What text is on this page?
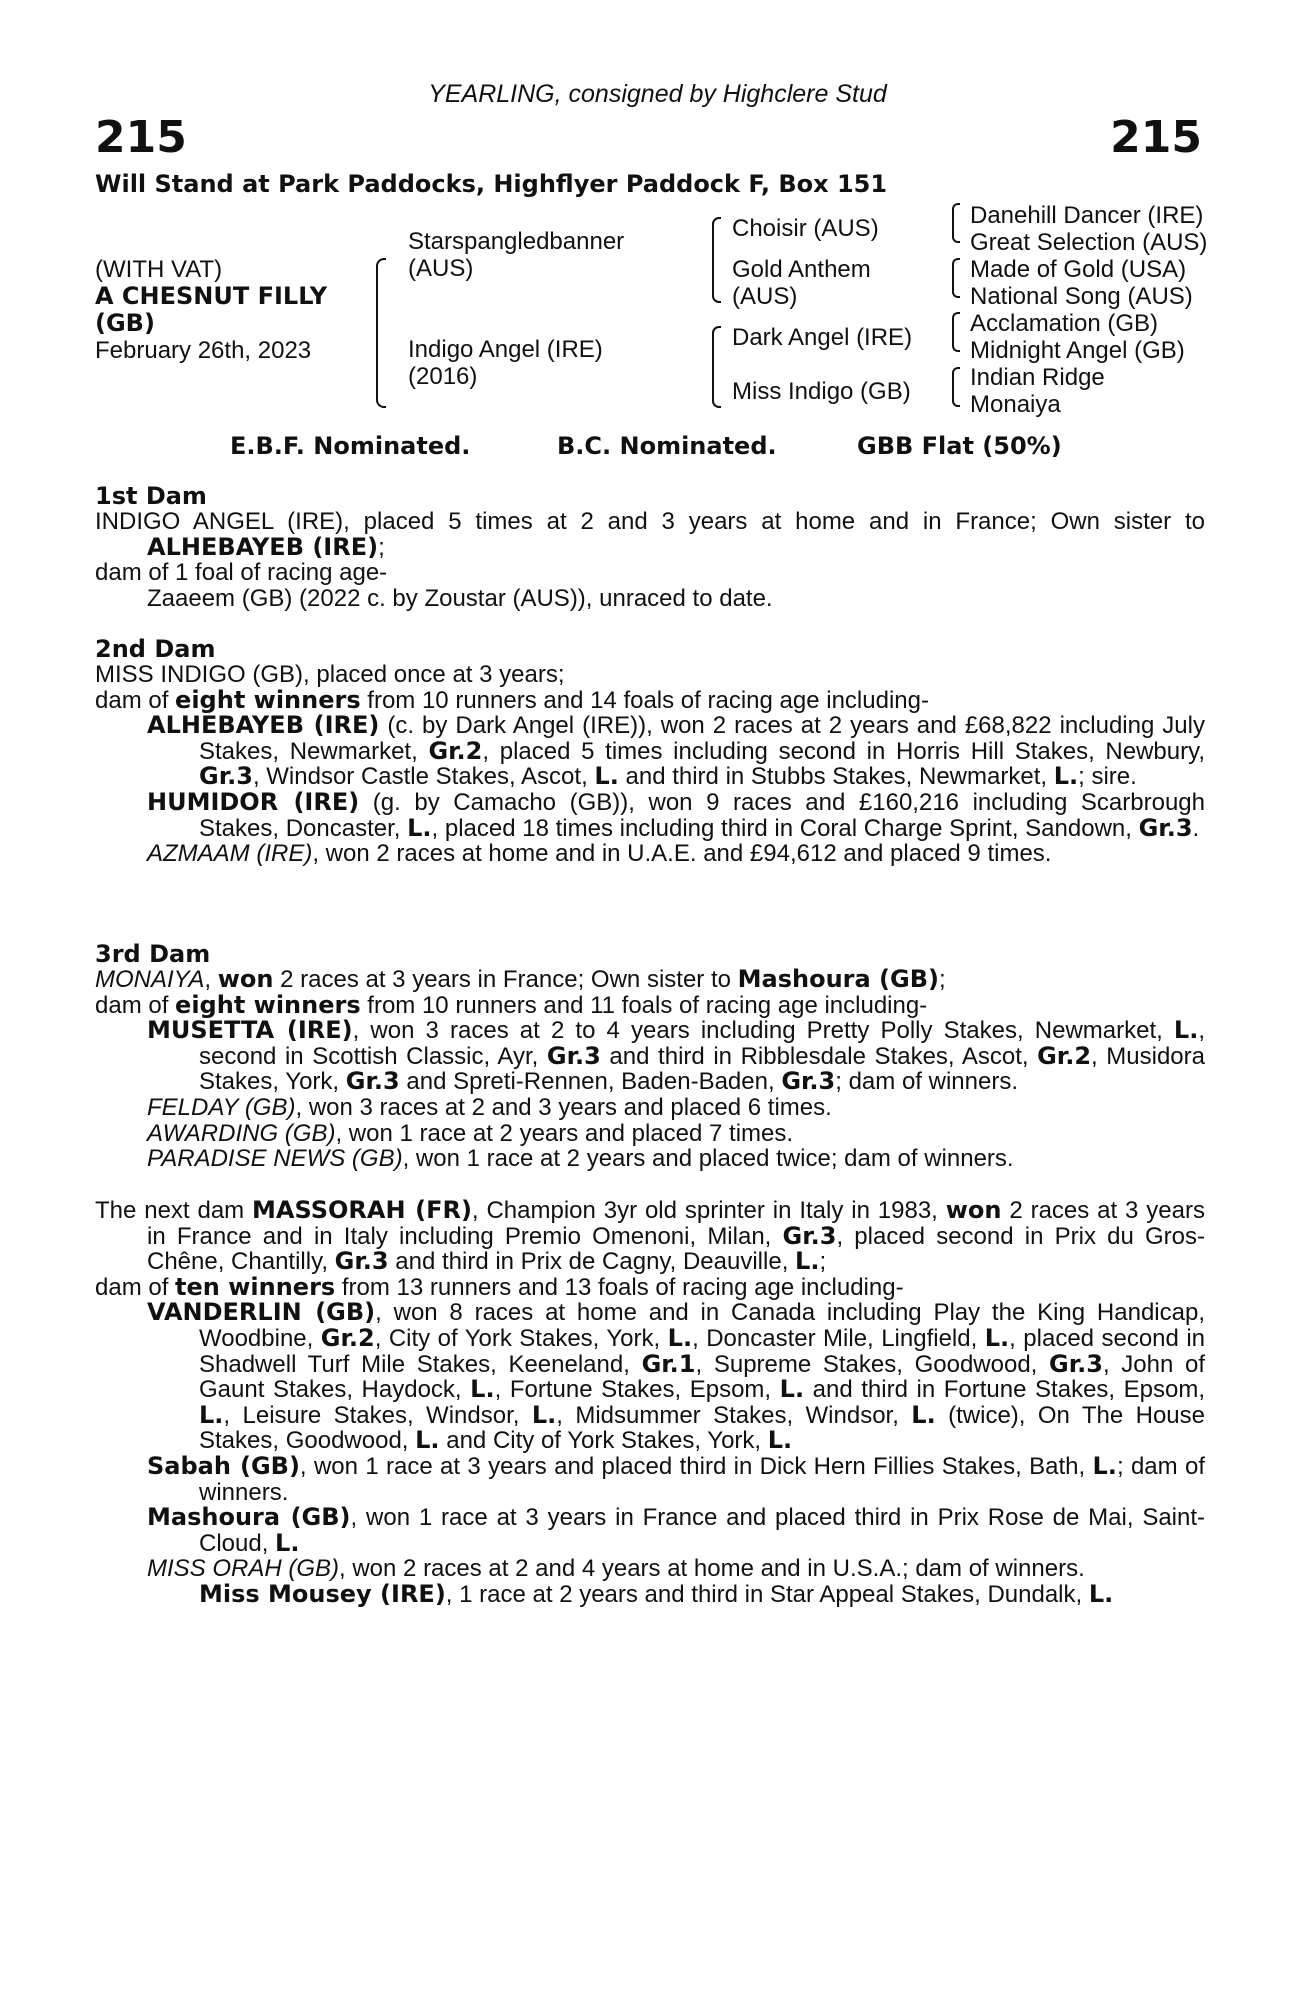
YEARLING, consigned by Highclere Stud
215	215
Will Stand at Park Paddocks, Highflyer Paddock F, Box 151
(WITH VAT)
A CHESNUT FILLY
(GB)
February 26th, 2023
Starspangledbanner
(AUS)
Indigo Angel (IRE)
(2016)
Choisir (AUS)
Gold Anthem
(AUS)
Dark Angel (IRE)
Miss Indigo (GB)
Danehill Dancer (IRE)
Great Selection (AUS)
Made of Gold (USA)
National Song (AUS)
Acclamation (GB)
Midnight Angel (GB)
Indian Ridge
Monaiya
E.B.F. Nominated.	B.C. Nominated.	GBB Flat (50%)
1st Dam
INDIGO ANGEL (IRE), placed 5 times at 2 and 3 years at home and in France; Own sister to ALHEBAYEB (IRE);
dam of 1 foal of racing age-
Zaaeem (GB) (2022 c. by Zoustar (AUS)), unraced to date.
2nd Dam
MISS INDIGO (GB), placed once at 3 years;
dam of eight winners from 10 runners and 14 foals of racing age including-
ALHEBAYEB (IRE) (c. by Dark Angel (IRE)), won 2 races at 2 years and £68,822 including July Stakes, Newmarket, Gr.2, placed 5 times including second in Horris Hill Stakes, Newbury, Gr.3, Windsor Castle Stakes, Ascot, L. and third in Stubbs Stakes, Newmarket, L.; sire.
HUMIDOR (IRE) (g. by Camacho (GB)), won 9 races and £160,216 including Scarbrough Stakes, Doncaster, L., placed 18 times including third in Coral Charge Sprint, Sandown, Gr.3.
AZMAAM (IRE), won 2 races at home and in U.A.E. and £94,612 and placed 9 times.
3rd Dam
MONAIYA, won 2 races at 3 years in France; Own sister to Mashoura (GB);
dam of eight winners from 10 runners and 11 foals of racing age including-
MUSETTA (IRE), won 3 races at 2 to 4 years including Pretty Polly Stakes, Newmarket, L., second in Scottish Classic, Ayr, Gr.3 and third in Ribblesdale Stakes, Ascot, Gr.2, Musidora Stakes, York, Gr.3 and Spreti-Rennen, Baden-Baden, Gr.3; dam of winners.
FELDAY (GB), won 3 races at 2 and 3 years and placed 6 times.
AWARDING (GB), won 1 race at 2 years and placed 7 times.
PARADISE NEWS (GB), won 1 race at 2 years and placed twice; dam of winners.
The next dam MASSORAH (FR), Champion 3yr old sprinter in Italy in 1983, won 2 races at 3 years in France and in Italy including Premio Omenoni, Milan, Gr.3, placed second in Prix du Gros-Chêne, Chantilly, Gr.3 and third in Prix de Cagny, Deauville, L.;
dam of ten winners from 13 runners and 13 foals of racing age including-
VANDERLIN (GB), won 8 races at home and in Canada including Play the King Handicap, Woodbine, Gr.2, City of York Stakes, York, L., Doncaster Mile, Lingfield, L., placed second in Shadwell Turf Mile Stakes, Keeneland, Gr.1, Supreme Stakes, Goodwood, Gr.3, John of Gaunt Stakes, Haydock, L., Fortune Stakes, Epsom, L. and third in Fortune Stakes, Epsom, L., Leisure Stakes, Windsor, L., Midsummer Stakes, Windsor, L. (twice), On The House Stakes, Goodwood, L. and City of York Stakes, York, L.
Sabah (GB), won 1 race at 3 years and placed third in Dick Hern Fillies Stakes, Bath, L.; dam of winners.
Mashoura (GB), won 1 race at 3 years in France and placed third in Prix Rose de Mai, Saint-Cloud, L.
MISS ORAH (GB), won 2 races at 2 and 4 years at home and in U.S.A.; dam of winners.
Miss Mousey (IRE), 1 race at 2 years and third in Star Appeal Stakes, Dundalk, L.
